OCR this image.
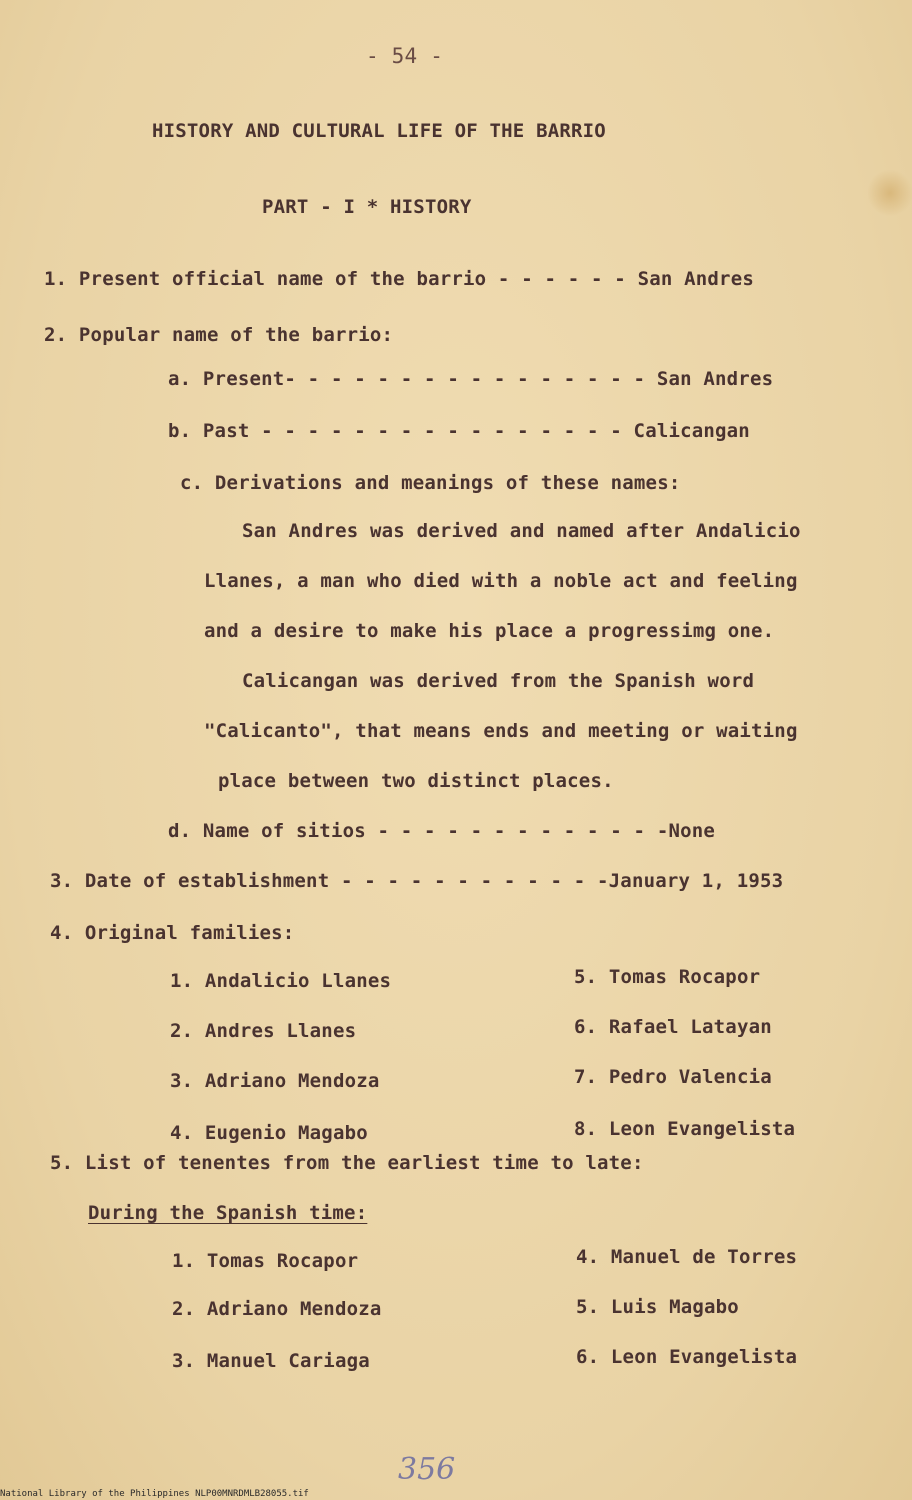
- 54 -
HISTORY AND CULTURAL LIFE OF THE BARRIO
PART - I * HISTORY
1. Present official name of the barrio - - - - - - San Andres
2. Popular name of the barrio:
a. Present- - - - - - - - - - - - - - - - San Andres
b. Past - - - - - - - - - - - - - - - - Calicangan
c. Derivations and meanings of these names:
San Andres was derived and named after Andalicio
Llanes, a man who died with a noble act and feeling
and a desire to make his place a progressimg one.
Calicangan was derived from the Spanish word
"Calicanto", that means ends and meeting or waiting
place between two distinct places.
d. Name of sitios - - - - - - - - - - - - -None
3. Date of establishment - - - - - - - - - - - -January 1, 1953
4. Original families:
1. Andalicio Llanes
2. Andres Llanes
3. Adriano Mendoza
4. Eugenio Magabo
5. Tomas Rocapor
6. Rafael Latayan
7. Pedro Valencia
8. Leon Evangelista
5. List of tenentes from the earliest time to late:
During the Spanish time:
1. Tomas Rocapor
2. Adriano Mendoza
3. Manuel Cariaga
4. Manuel de Torres
5. Luis Magabo
6. Leon Evangelista
356
National Library of the Philippines NLP00MNRDMLB28055.tif
